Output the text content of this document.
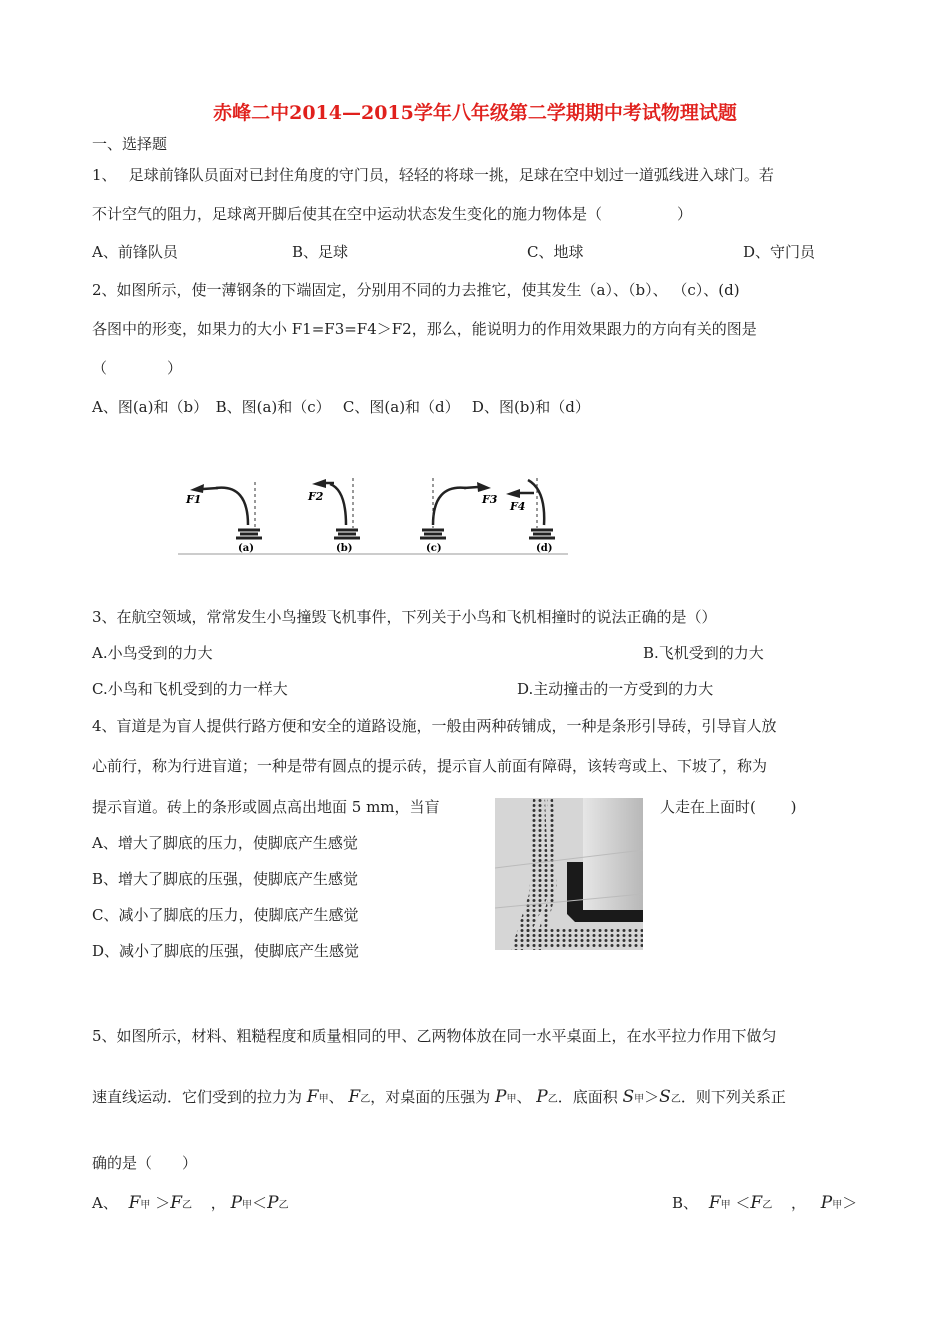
赤峰二中2014—2015学年八年级第二学期期中考试物理试题
一、选择题
1、　 足球前锋队员面对已封住角度的守门员，轻轻的将球一挑，足球在空中划过一道弧线进入球门。若
不计空气的阻力，足球离开脚后使其在空中运动状态发生变化的施力物体是（　　　　　）
A、前锋队员	B、足球	C、地球	D、守门员
2、如图所示，使一薄钢条的下端固定，分别用不同的力去推它，使其发生（a）、（b）、 （c）、(d)
各图中的形变，如果力的大小 F1=F3=F4＞F2，那么，能说明力的作用效果跟力的方向有关的图是
（　　　　）
A、图(a)和（b）　B、图(a)和（c）　 C、图(a)和（d）　 D、图(b)和（d）
F1
(a)
F2
(b)
F3
(c)
F4
(d)
3、在航空领域，常常发生小鸟撞毁飞机事件，下列关于小鸟和飞机相撞时的说法正确的是（）
A.小鸟受到的力大	B.飞机受到的力大
C.小鸟和飞机受到的力一样大	D.主动撞击的一方受到的力大
4、盲道是为盲人提供行路方便和安全的道路设施，一般由两种砖铺成，一种是条形引导砖，引导盲人放
心前行，称为行进盲道；一种是带有圆点的提示砖，提示盲人前面有障碍，该转弯或上、下坡了，称为
提示盲道。砖上的条形或圆点高出地面 5 mm，当盲	人走在上面时(　　 )
A、增大了脚底的压力，使脚底产生感觉
B、增大了脚底的压强，使脚底产生感觉
C、减小了脚底的压力，使脚底产生感觉
D、减小了脚底的压强，使脚底产生感觉
5、如图所示，材料、粗糙程度和质量相同的甲、乙两物体放在同一水平桌面上，在水平拉力作用下做匀
速直线运动．它们受到的拉力为 F甲、 F乙，对桌面的压强为 P甲、 P乙．底面积 S甲＞S乙．则下列关系正
确的是（　　）
A、 F甲 ＞F乙 ， P甲＜P乙	B、 F甲 ＜F乙 ， P甲＞
